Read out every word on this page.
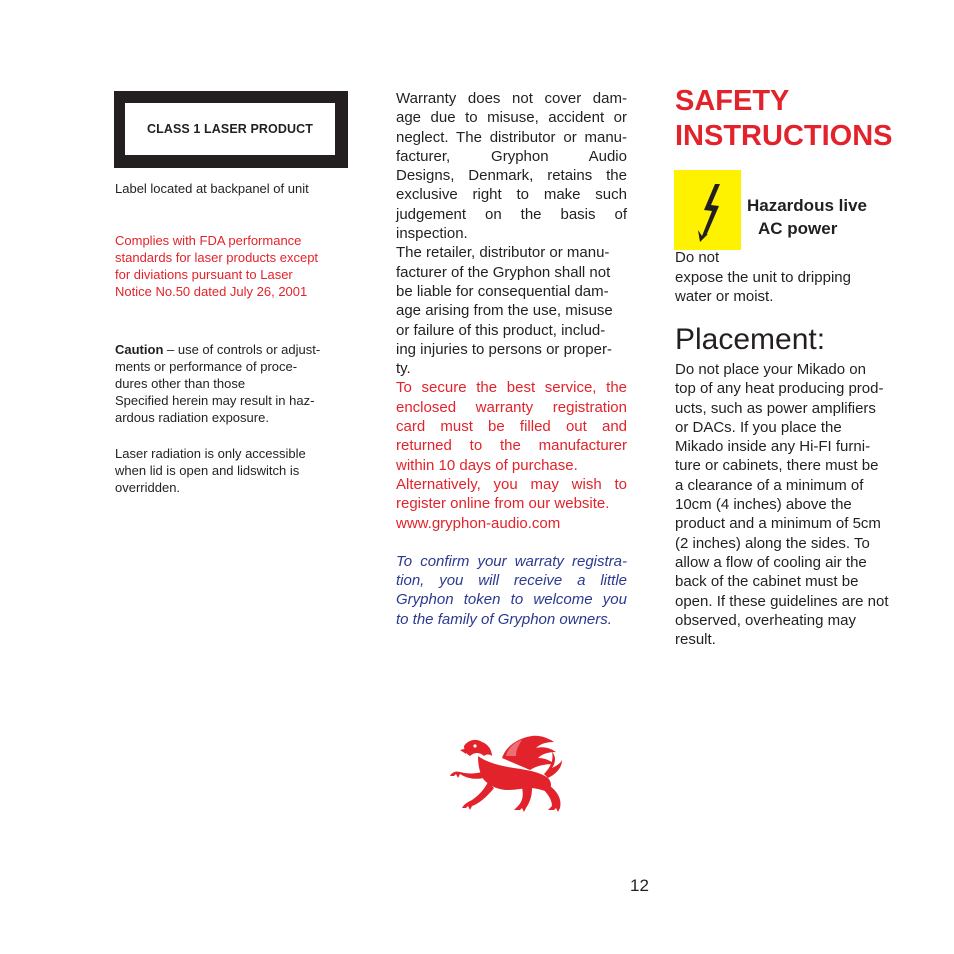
CLASS 1 LASER PRODUCT
Label located at backpanel of unit
Complies with FDA performance
standards for laser products except
for diviations pursuant to Laser
Notice No.50 dated July 26, 2001
Caution – use of controls or adjust-
ments or performance of proce-
dures other than those
Specified herein may result in haz-
ardous radiation exposure.
Laser radiation is only accessible
when lid is open and lidswitch is
overridden.
Warranty does not cover dam-
age due to misuse, accident or
neglect. The distributor or manu-
facturer, Gryphon Audio
Designs, Denmark, retains the
exclusive right to make such
judgement on the basis of
inspection.
The retailer, distributor or manu-
facturer of the Gryphon shall not
be liable for consequential dam-
age arising from the use, misuse
or failure of this product, includ-
ing injuries to persons or proper-
ty.
To secure the best service, the
enclosed warranty registration
card must be filled out and
returned to the manufacturer
within 10 days of purchase.
Alternatively, you may wish to
register online from our website.
www.gryphon-audio.com
To confirm your warraty registra-
tion, you will receive a little
Gryphon token to welcome you
to the family of Gryphon owners.
SAFETY
INSTRUCTIONS
Hazardous live
AC power
Do not
expose the unit to dripping
water or moist.
Placement:
Do not place your Mikado on
top of any heat producing prod-
ucts, such as power amplifiers
or DACs. If you place the
Mikado inside any Hi-FI furni-
ture or cabinets, there must be
a clearance of a minimum of
10cm (4 inches) above the
product and a minimum of 5cm
(2 inches) along the sides. To
allow a flow of cooling air the
back of the cabinet must be
open. If these guidelines are not
observed, overheating may
result.
12
